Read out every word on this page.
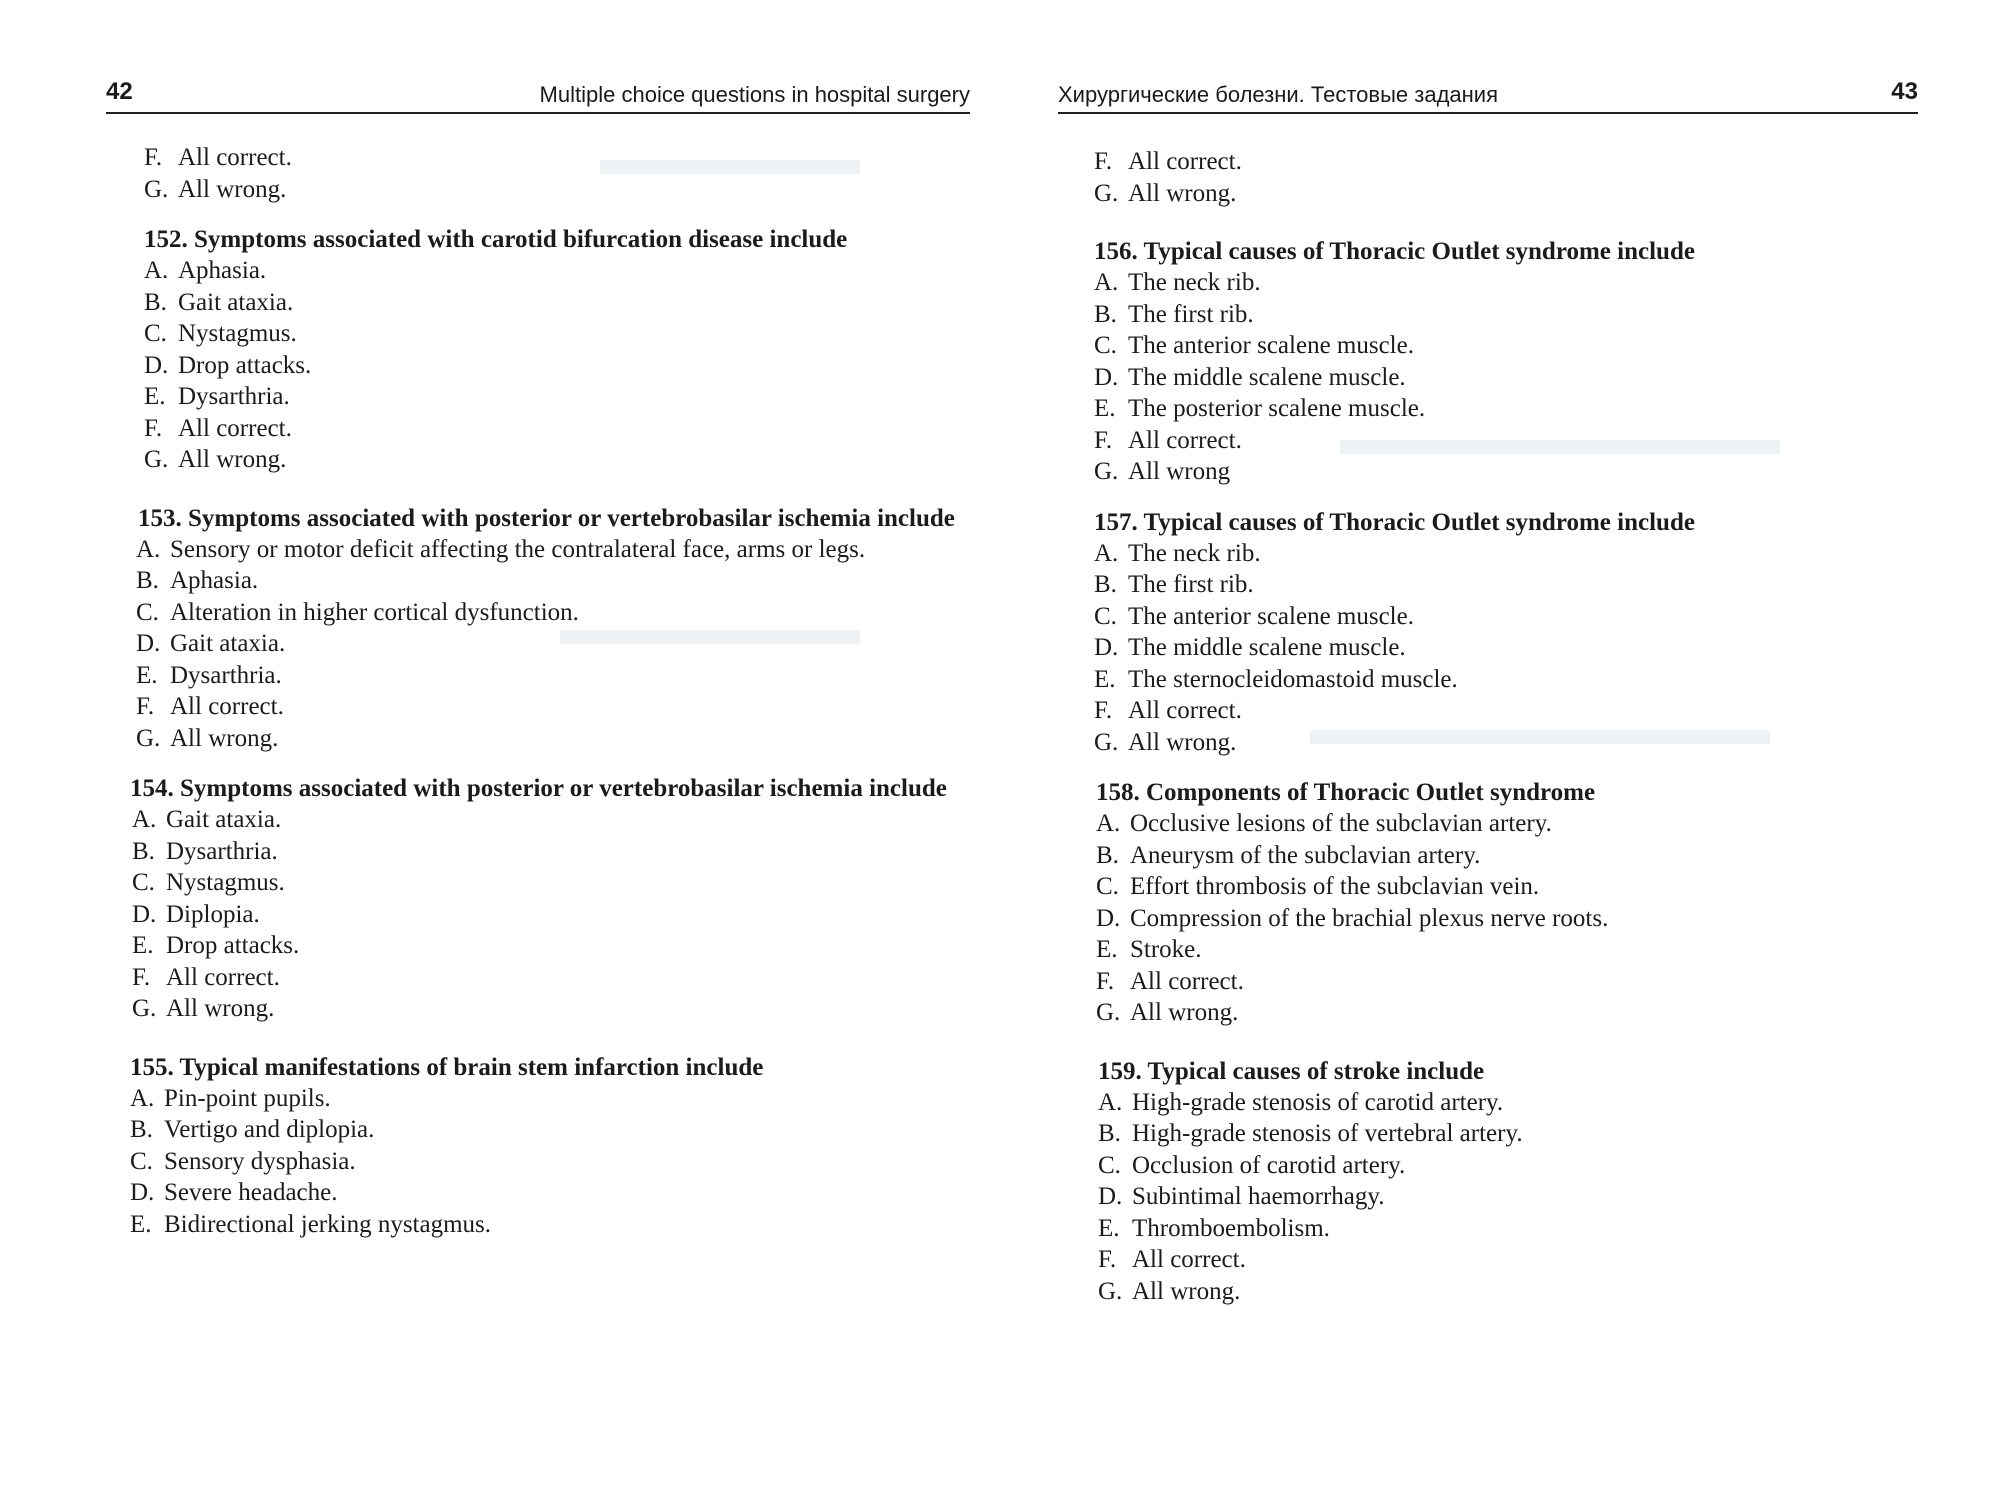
42	Multiple choice questions in hospital surgery
F. All correct.
G. All wrong.

152. Symptoms associated with carotid bifurcation disease include

A. Aphasia.
B. Gait ataxia.
C. Nystagmus.
D. Drop attacks.
E. Dysarthria.
F. All correct.
G. All wrong.

153. Symptoms associated with posterior or vertebrobasilar ischemia include

A. Sensory or motor deficit affecting the contralateral face, arms or legs.
B. Aphasia.
C. Alteration in higher cortical dysfunction.
D. Gait ataxia.
E. Dysarthria.
F. All correct.
G. All wrong.

154. Symptoms associated with posterior or vertebrobasilar ischemia include

A. Gait ataxia.
B. Dysarthria.
C. Nystagmus.
D. Diplopia.
E. Drop attacks.
F. All correct.
G. All wrong.

155. Typical manifestations of brain stem infarction include

A. Pin-point pupils.
B. Vertigo and diplopia.
C. Sensory dysphasia.
D. Severe headache.
E. Bidirectional jerking nystagmus.
Хирургические болезни. Тестовые задания	43
F. All correct.
G. All wrong.

156. Typical causes of Thoracic Outlet syndrome include

A. The neck rib.
B. The first rib.
C. The anterior scalene muscle.
D. The middle scalene muscle.
E. The posterior scalene muscle.
F. All correct.
G. All wrong

157. Typical causes of Thoracic Outlet syndrome include

A. The neck rib.
B. The first rib.
C. The anterior scalene muscle.
D. The middle scalene muscle.
E. The sternocleidomastoid muscle.
F. All correct.
G. All wrong.

158. Components of Thoracic Outlet syndrome

A. Occlusive lesions of the subclavian artery.
B. Aneurysm of the subclavian artery.
C. Effort thrombosis of the subclavian vein.
D. Compression of the brachial plexus nerve roots.
E. Stroke.
F. All correct.
G. All wrong.

159. Typical causes of stroke include

A. High-grade stenosis of carotid artery.
B. High-grade stenosis of vertebral artery.
C. Occlusion of carotid artery.
D. Subintimal haemorrhagy.
E. Thromboembolism.
F. All correct.
G. All wrong.
